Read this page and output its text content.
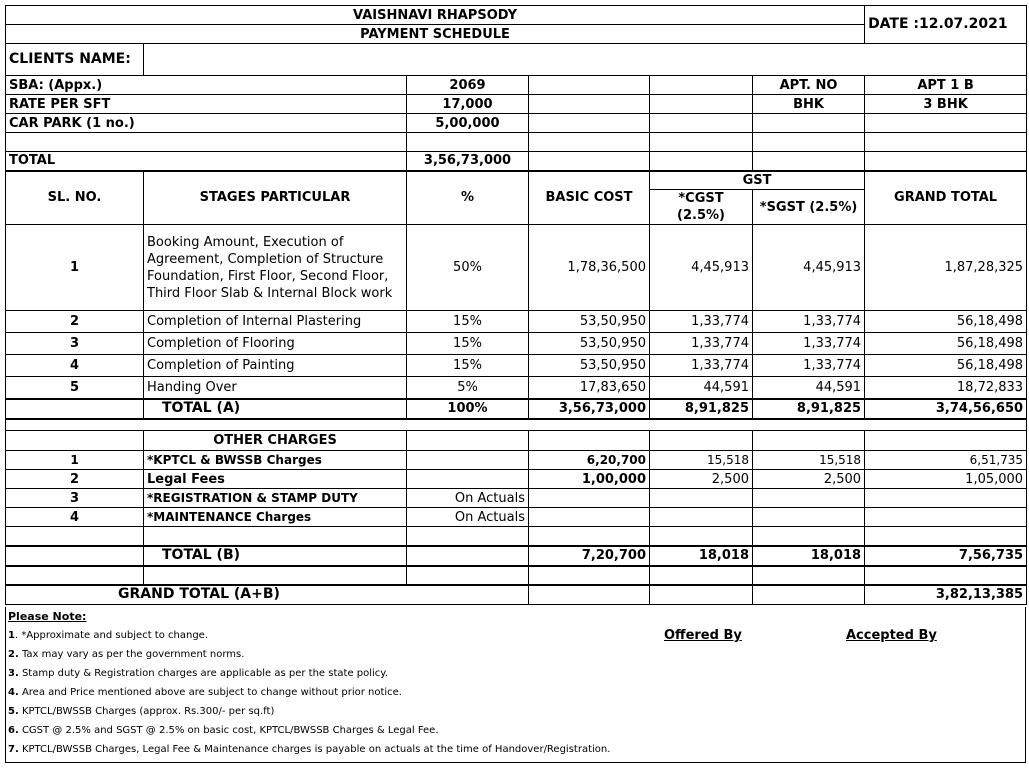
VAISHNAVI RHAPSODY						DATE :12.07.2021
PAYMENT SCHEDULE						
CLIENTS NAME:						
SBA: (Appx.)		2069			APT. NO	APT 1 B
RATE PER SFT		17,000			BHK	3 BHK
CAR PARK (1 no.)		5,00,000				

TOTAL		3,56,73,000				
SL. NO.	STAGES PARTICULAR	%	BASIC COST	GST		GRAND TOTAL
				*CGST (2.5%)	*SGST (2.5%)	
1	Booking Amount, Execution of Agreement, Completion of Structure Foundation, First Floor, Second Floor, Third Floor Slab & Internal Block work	50%	1,78,36,500	4,45,913	4,45,913	1,87,28,325
2	Completion of Internal Plastering	15%	53,50,950	1,33,774	1,33,774	56,18,498
3	Completion of Flooring	15%	53,50,950	1,33,774	1,33,774	56,18,498
4	Completion of Painting	15%	53,50,950	1,33,774	1,33,774	56,18,498
5	Handing Over	5%	17,83,650	44,591	44,591	18,72,833
	TOTAL (A)	100%	3,56,73,000	8,91,825	8,91,825	3,74,56,650

	OTHER CHARGES					
1	*KPTCL & BWSSB Charges		6,20,700	15,518	15,518	6,51,735
2	Legal Fees		1,00,000	2,500	2,500	1,05,000
3	*REGISTRATION & STAMP DUTY	On Actuals				
4	*MAINTENANCE Charges	On Actuals				

	TOTAL (B)		7,20,700	18,018	18,018	7,56,735

GRAND TOTAL (A+B)						3,82,13,385
Please Note:
1. *Approximate and subject to change.
2. Tax may vary as per the government norms.
3. Stamp duty & Registration charges are applicable as per the state policy.
4. Area and Price mentioned above are subject to change without prior notice.
5. KPTCL/BWSSB Charges (approx. Rs.300/- per sq.ft)
6. CGST @ 2.5% and SGST @ 2.5% on basic cost, KPTCL/BWSSB Charges & Legal Fee.
7. KPTCL/BWSSB Charges, Legal Fee & Maintenance charges is payable on actuals at the time of Handover/Registration.
Offered By	Accepted By
